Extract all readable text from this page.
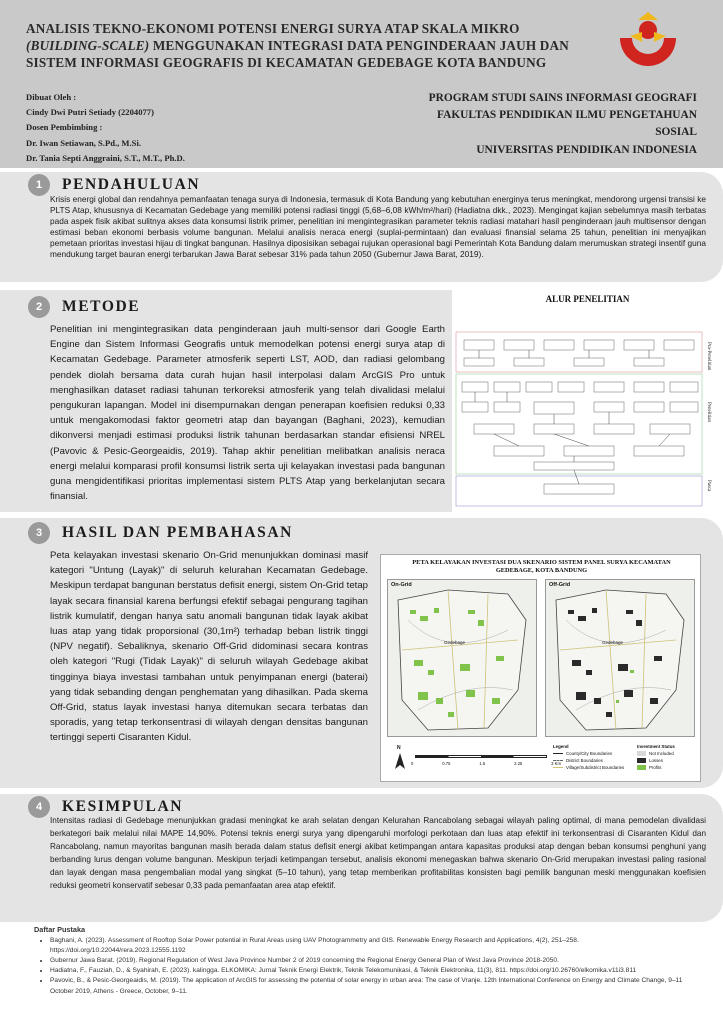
ANALISIS TEKNO-EKONOMI POTENSI ENERGI SURYA ATAP SKALA MIKRO
(BUILDING-SCALE) MENGGUNAKAN INTEGRASI DATA PENGINDERAAN JAUH DAN
SISTEM INFORMASI GEOGRAFIS DI KECAMATAN GEDEBAGE KOTA BANDUNG
Dibuat Oleh :
Cindy Dwi Putri Setiady (2204077)
Dosen Pembimbing :
Dr. Iwan Setiawan, S.Pd., M.Si.
Dr. Tania Septi Anggraini, S.T., M.T., Ph.D.
PROGRAM STUDI SAINS INFORMASI GEOGRAFI
FAKULTAS PENDIDIKAN ILMU PENGETAHUAN
SOSIAL
UNIVERSITAS PENDIDIKAN INDONESIA
1	PENDAHULUAN
Krisis energi global dan rendahnya pemanfaatan tenaga surya di Indonesia, termasuk di Kota Bandung yang kebutuhan energinya terus meningkat, mendorong urgensi transisi ke PLTS Atap, khususnya di Kecamatan Gedebage yang memiliki potensi radiasi tinggi (5,68–6,08 kWh/m²/hari) (Hadiatna dkk., 2023). Mengingat kajian sebelumnya masih terbatas pada aspek fisik akibat sulitnya akses data konsumsi listrik primer, penelitian ini mengintegrasikan parameter teknis radiasi matahari hasil penginderaan jauh multisensor dengan estimasi beban ekonomi berbasis volume bangunan. Melalui analisis neraca energi (suplai-permintaan) dan evaluasi finansial selama 25 tahun, penelitian ini menyajikan pemetaan prioritas investasi hijau di tingkat bangunan. Hasilnya diposisikan sebagai rujukan operasional bagi Pemerintah Kota Bandung dalam merumuskan strategi insentif guna mendukung target bauran energi terbarukan Jawa Barat sebesar 31% pada tahun 2050 (Gubernur Jawa Barat, 2019).
2	METODE
Penelitian ini mengintegrasikan data penginderaan jauh multi-sensor dari Google Earth Engine dan Sistem Informasi Geografis untuk memodelkan potensi energi surya atap di Kecamatan Gedebage. Parameter atmosferik seperti LST, AOD, dan radiasi gelombang pendek diolah bersama data curah hujan hasil interpolasi dalam ArcGIS Pro untuk menghasilkan dataset radiasi tahunan terkoreksi atmosferik yang telah divalidasi melalui pengukuran lapangan. Model ini disempurnakan dengan penerapan koefisien reduksi 0,33 untuk mengakomodasi faktor geometri atap dan bayangan (Baghani, 2023), kemudian dikonversi menjadi estimasi produksi listrik tahunan berdasarkan standar efisiensi NREL (Pavovic & Pesic-Georgeaidis, 2019). Tahap akhir penelitian melibatkan analisis neraca energi melalui komparasi profil konsumsi listrik serta uji kelayakan investasi pada bangunan guna mengidentifikasi prioritas implementasi sistem PLTS Atap yang berkelanjutan secara finansial.
ALUR PENELITIAN
Pra-Penelitian
Penelitian
Pasca
3	HASIL DAN PEMBAHASAN
Peta kelayakan investasi skenario On-Grid menunjukkan dominasi masif kategori "Untung (Layak)" di seluruh kelurahan Kecamatan Gedebage. Meskipun terdapat bangunan berstatus defisit energi, sistem On-Grid tetap layak secara finansial karena berfungsi efektif sebagai pengurang tagihan listrik kumulatif, dengan hanya satu anomali bangunan tidak layak akibat luas atap yang tidak proporsional (30,1m²) terhadap beban listrik tinggi (NPV negatif). Sebaliknya, skenario Off-Grid didominasi secara kontras oleh kategori "Rugi (Tidak Layak)" di seluruh wilayah Gedebage akibat tingginya biaya investasi tambahan untuk penyimpanan energi (baterai) yang tidak sebanding dengan penghematan yang dihasilkan. Pada skema Off-Grid, status layak investasi hanya ditemukan secara terbatas dan sporadis, yang tetap terkonsentrasi di wilayah dengan densitas bangunan tertinggi seperti Cisaranten Kidul.
PETA KELAYAKAN INVESTASI DUA SKENARIO SISTEM PANEL SURYA KECAMATAN
GEDEBAGE, KOTA BANDUNG
On-Grid
Gedebage
Off-Grid
Gedebage
N
0	0.75	1.5	2.25	3 Km
Legend
County/City Boundaries
District Boundaries
Village/Subdistrict Boundaries
Investment Status
Not Included
Losses
Profits
4	KESIMPULAN
Intensitas radiasi di Gedebage menunjukkan gradasi meningkat ke arah selatan dengan Kelurahan Rancabolang sebagai wilayah paling optimal, di mana pemodelan divalidasi berkategori baik melalui nilai MAPE 14,90%. Potensi teknis energi surya yang dipengaruhi morfologi perkotaan dan luas atap efektif ini terkonsentrasi di Cisaranten Kidul dan Rancabolang, namun mayoritas bangunan masih berada dalam status defisit energi akibat ketimpangan antara kapasitas produksi atap dengan beban konsumsi penghuni yang berbanding lurus dengan volume bangunan. Meskipun terjadi ketimpangan tersebut, analisis ekonomi menegaskan bahwa skenario On-Grid merupakan investasi paling rasional dan layak dengan masa pengembalian modal yang singkat (5–10 tahun), yang tetap memberikan profitabilitas konsisten bagi pemilik bangunan meski menggunakan koefisien reduksi geometri konservatif sebesar 0,33 pada pemanfaatan area atap efektif.
Daftar Pustaka
• Baghani, A. (2023). Assessment of Rooftop Solar Power potential in Rural Areas using UAV Photogrammetry and GIS. Renewable Energy Research and Applications, 4(2), 251–258. https://doi.org/10.22044/rera.2023.12555.1192
• Gubernur Jawa Barat. (2019). Regional Regulation of West Java Province Number 2 of 2019 concerning the Regional Energy General Plan of West Java Province 2018-2050.
• Hadiatna, F., Fauziah, D., & Syahirah, E. (2023). kalingga. ELKOMIKA: Jurnal Teknik Energi Elektrik, Teknik Telekomunikasi, & Teknik Elektronika, 11(3), 811. https://doi.org/10.26760/elkomika.v11i3.811
• Pavovic, B., & Pesic-Georgeaidis, M. (2019). The application of ArcGIS for assessing the potential of solar energy in urban area: The case of Vranje. 12th International Conference on Energy and Climate Change, 9–11 October 2019, Athens - Greece, October, 9–11.
